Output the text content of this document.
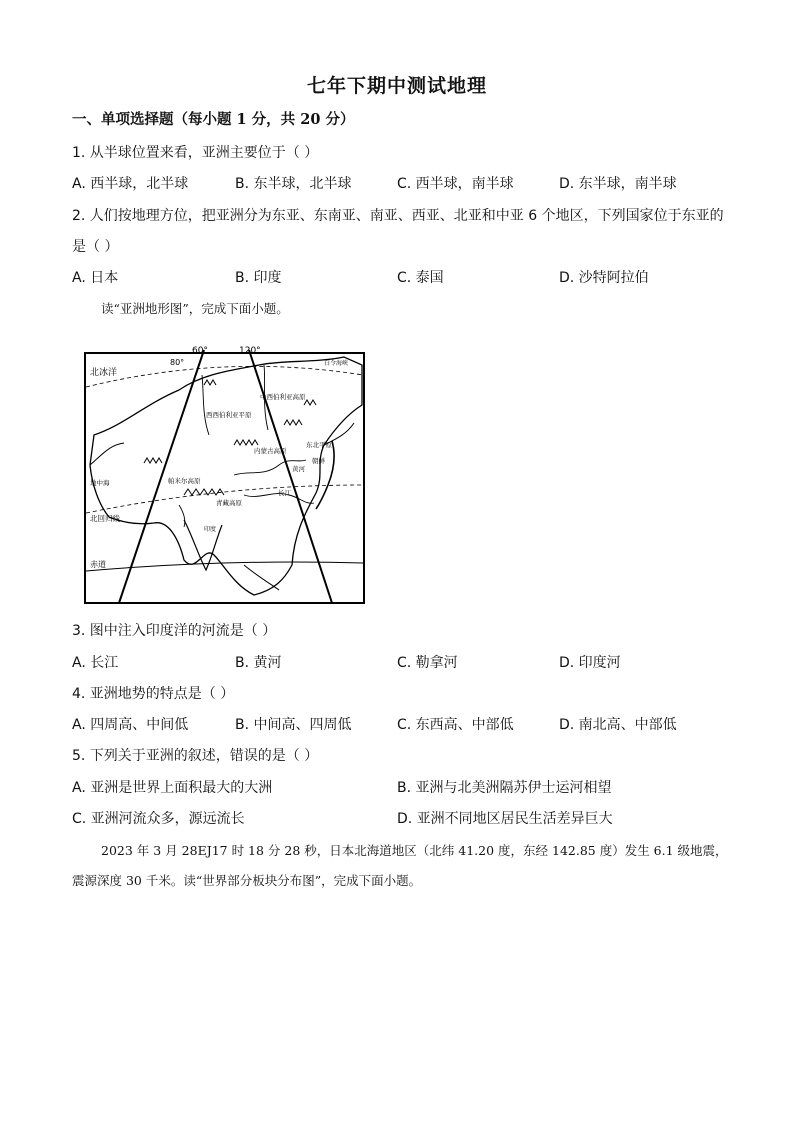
七年下期中测试地理
一、单项选择题（每小题 1 分，共 20 分）
1. 从半球位置来看，亚洲主要位于（ ）
A. 西半球，北半球	B. 东半球，北半球	C. 西半球，南半球	D. 东半球，南半球
2. 人们按地理方位，把亚洲分为东亚、东南亚、南亚、西亚、北亚和中亚 6 个地区，下列国家位于东亚的
是（ ）
A. 日本	B. 印度	C. 泰国	D. 沙特阿拉伯
读“亚洲地形图”，完成下面小题。
60°	120°
80°
北冰洋
白令海峡
西西伯利亚平原
中西伯利亚高原
东北平原
内蒙古高原
帕米尔高原
青藏高原
地中海
北回归线
赤道
印度
长江
朝鲜
黄河
3. 图中注入印度洋的河流是（ ）
A. 长江	B. 黄河	C. 勒拿河	D. 印度河
4. 亚洲地势的特点是（ ）
A. 四周高、中间低	B. 中间高、四周低	C. 东西高、中部低	D. 南北高、中部低
5. 下列关于亚洲的叙述，错误的是（ ）
A. 亚洲是世界上面积最大的大洲	B. 亚洲与北美洲隔苏伊士运河相望
C. 亚洲河流众多，源远流长	D. 亚洲不同地区居民生活差异巨大
2023 年 3 月 28EJ17 时 18 分 28 秒，日本北海道地区（北纬 41.20 度，东经 142.85 度）发生 6.1 级地震，
震源深度 30 千米。读“世界部分板块分布图”，完成下面小题。
